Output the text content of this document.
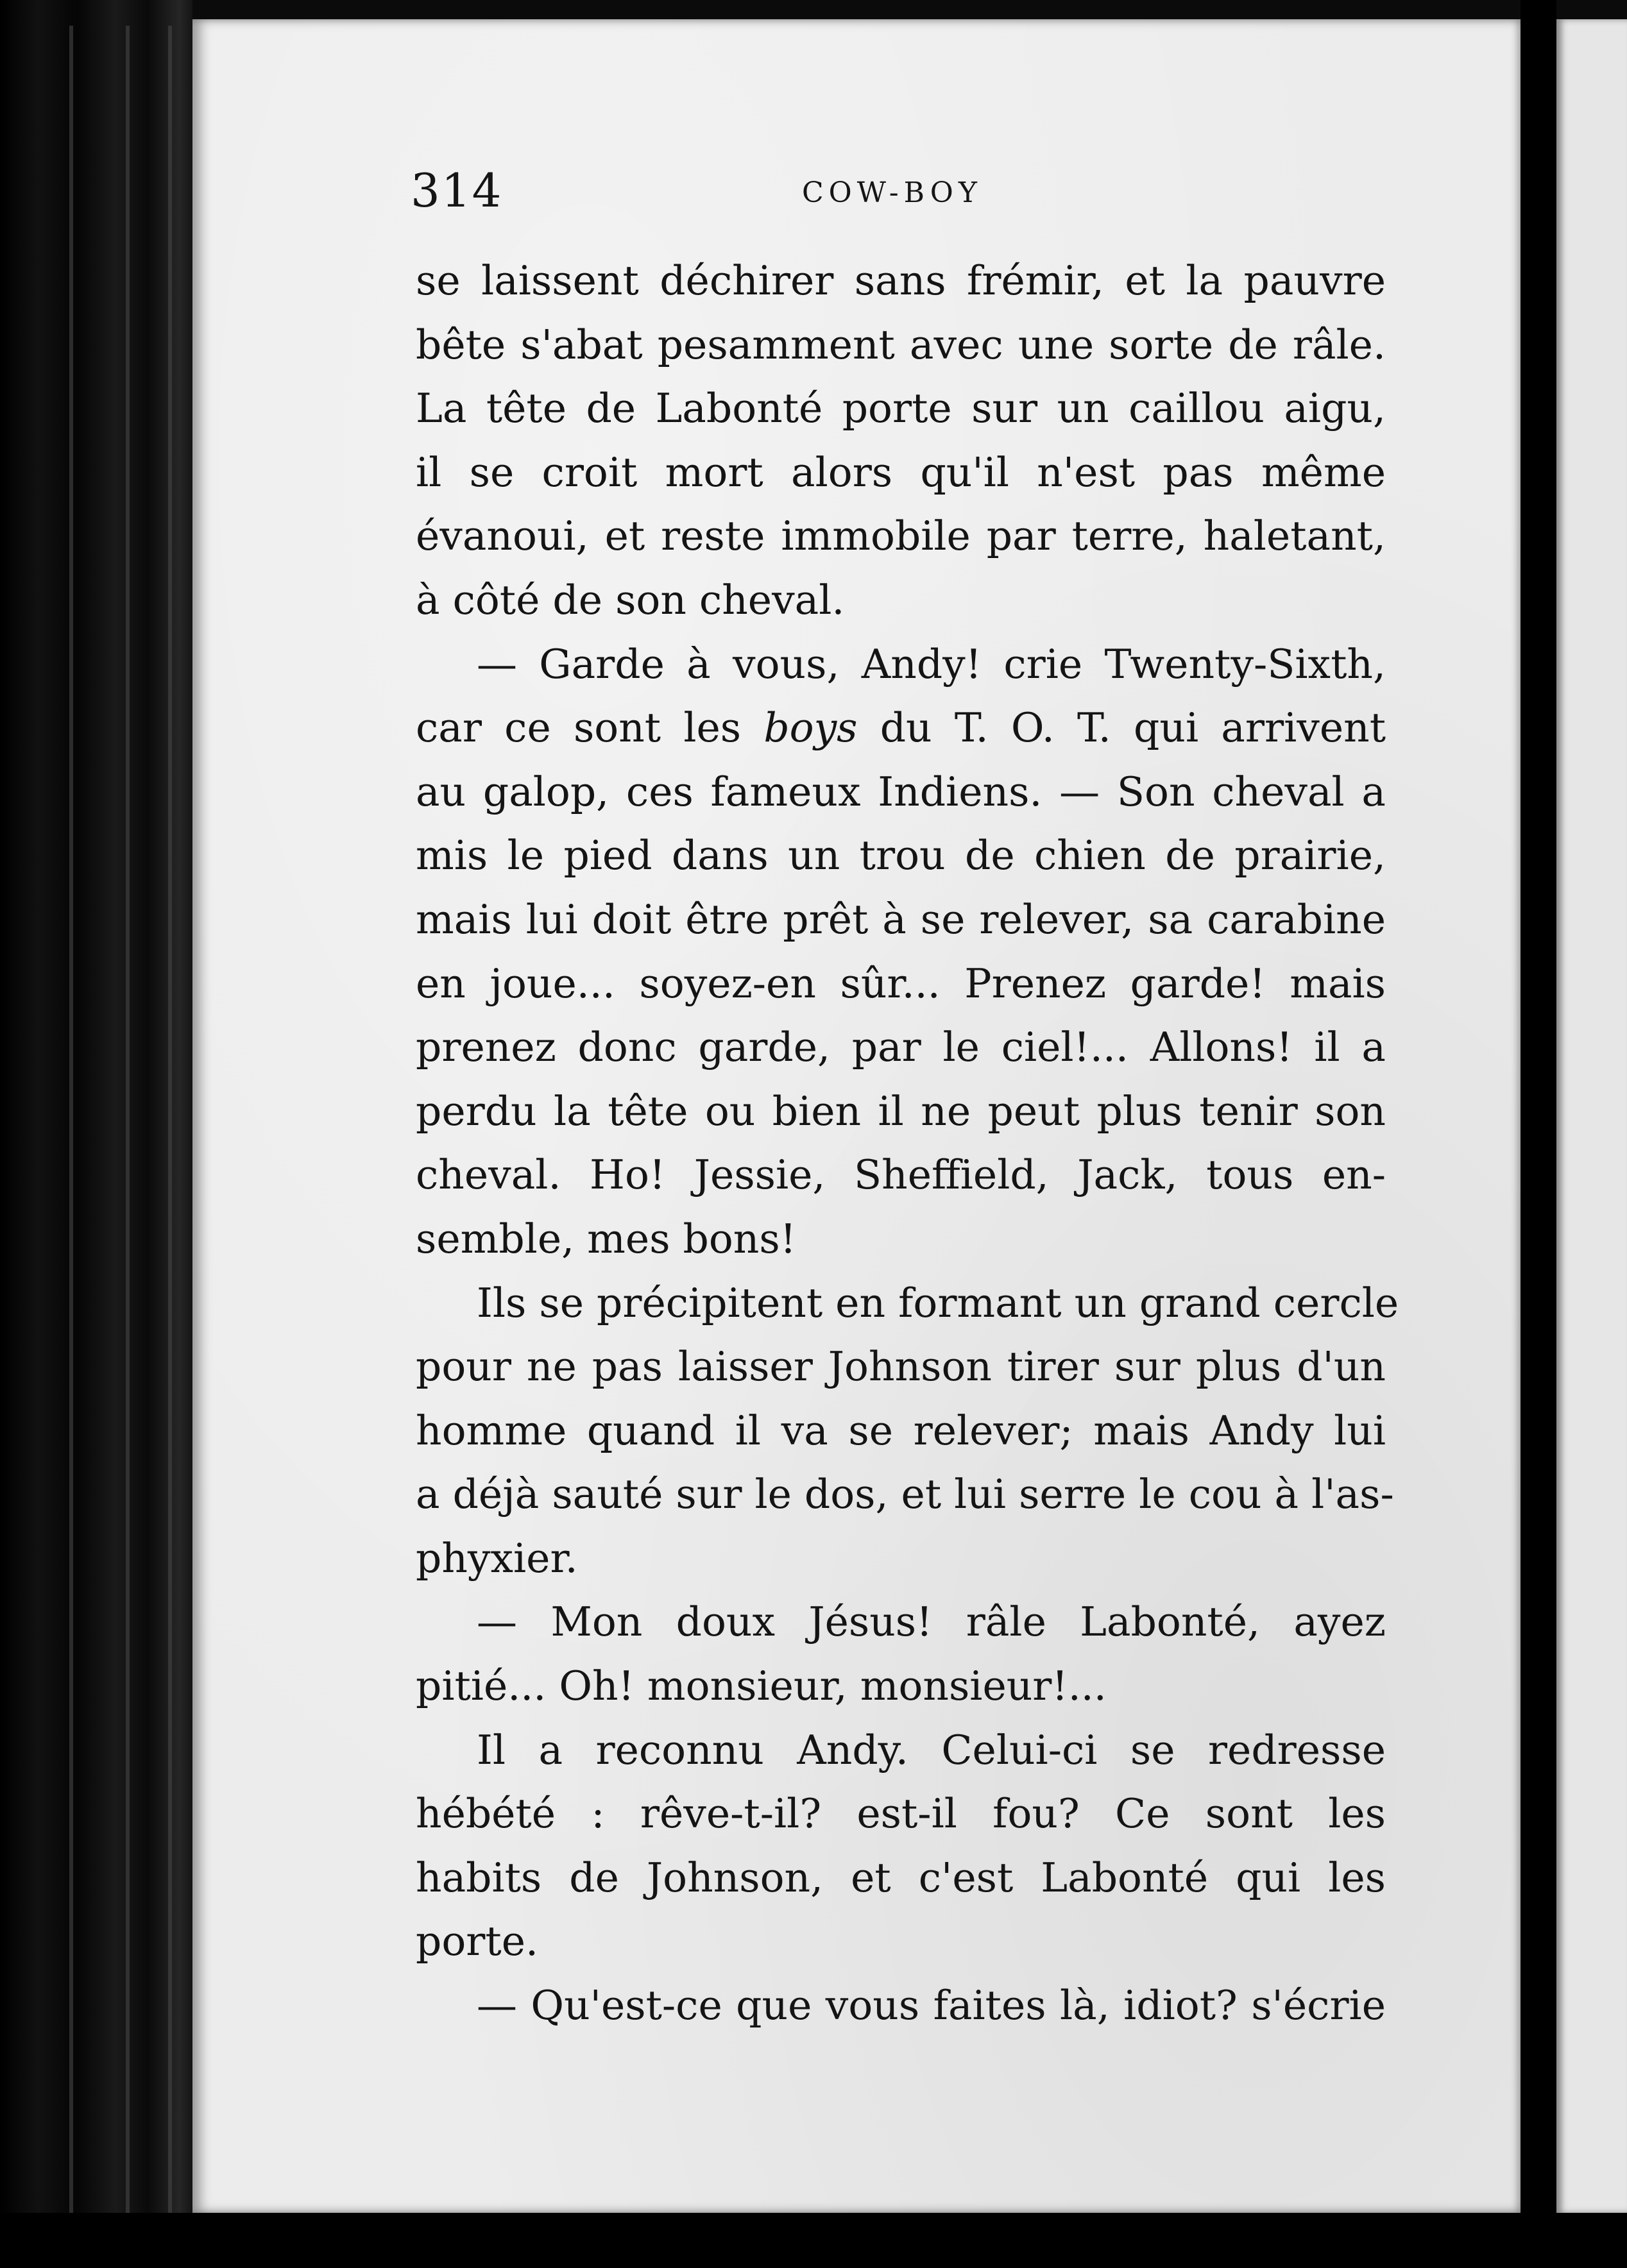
314	COW-BOY
se laissent déchirer sans frémir, et la pauvre
bête s'abat pesamment avec une sorte de râle.
La tête de Labonté porte sur un caillou aigu,
il se croit mort alors qu'il n'est pas même
évanoui, et reste immobile par terre, haletant,
à côté de son cheval.
— Garde à vous, Andy! crie Twenty-Sixth,
car ce sont les boys du T. O. T. qui arrivent
au galop, ces fameux Indiens. — Son cheval a
mis le pied dans un trou de chien de prairie,
mais lui doit être prêt à se relever, sa carabine
en joue... soyez-en sûr... Prenez garde! mais
prenez donc garde, par le ciel!... Allons! il a
perdu la tête ou bien il ne peut plus tenir son
cheval. Ho! Jessie, Sheffield, Jack, tous en-
semble, mes bons!
Ils se précipitent en formant un grand cercle
pour ne pas laisser Johnson tirer sur plus d'un
homme quand il va se relever; mais Andy lui
a déjà sauté sur le dos, et lui serre le cou à l'as-
phyxier.
— Mon doux Jésus! râle Labonté, ayez
pitié... Oh! monsieur, monsieur!...
Il a reconnu Andy. Celui-ci se redresse
hébété : rêve-t-il? est-il fou? Ce sont les
habits de Johnson, et c'est Labonté qui les
porte.
— Qu'est-ce que vous faites là, idiot? s'écrie
